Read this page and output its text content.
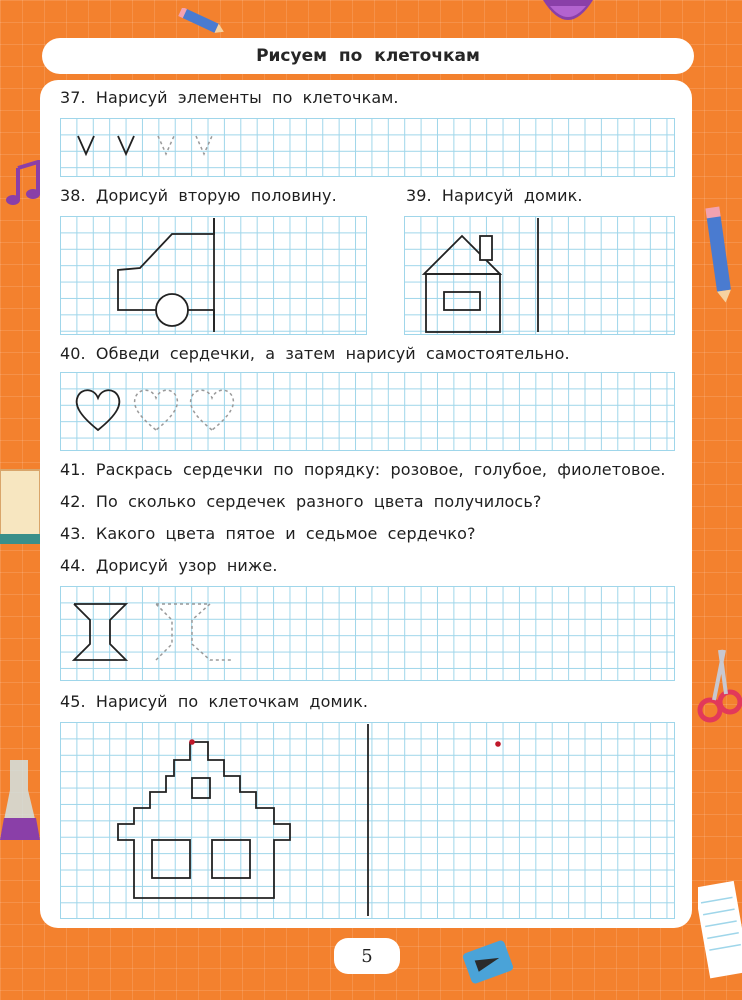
Рисуем по клеточкам
37. Нарисуй элементы по клеточкам.
38. Дорисуй вторую половину.	39. Нарисуй домик.
40. Обведи сердечки, а затем нарисуй самостоятельно.
41. Раскрась сердечки по порядку: розовое, голубое, фиолетовое.
42. По сколько сердечек разного цвета получилось?
43. Какого цвета пятое и седьмое сердечко?
44. Дорисуй узор ниже.
45. Нарисуй по клеточкам домик.
5
